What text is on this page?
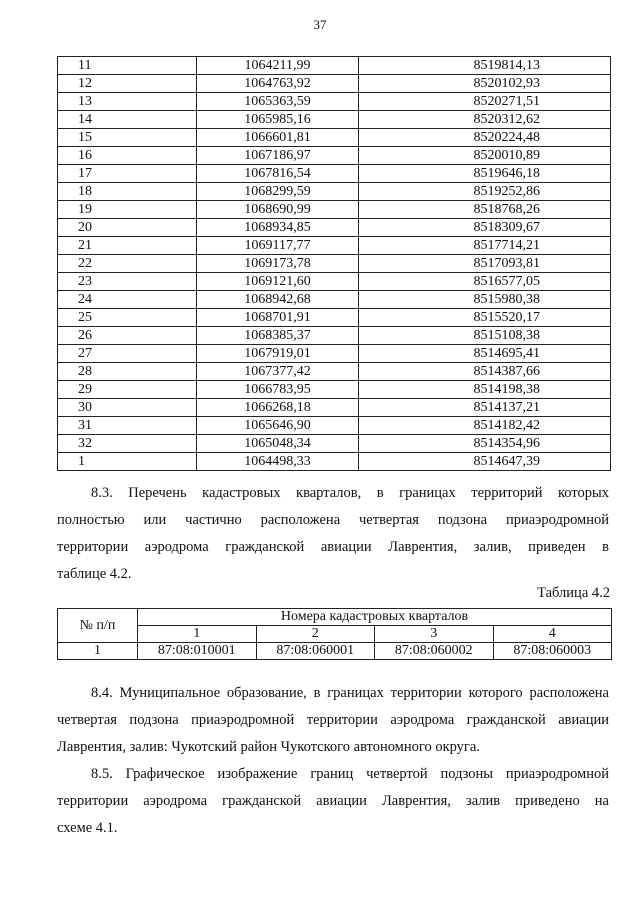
37
11	1064211,99	8519814,13
12	1064763,92	8520102,93
13	1065363,59	8520271,51
14	1065985,16	8520312,62
15	1066601,81	8520224,48
16	1067186,97	8520010,89
17	1067816,54	8519646,18
18	1068299,59	8519252,86
19	1068690,99	8518768,26
20	1068934,85	8518309,67
21	1069117,77	8517714,21
22	1069173,78	8517093,81
23	1069121,60	8516577,05
24	1068942,68	8515980,38
25	1068701,91	8515520,17
26	1068385,37	8515108,38
27	1067919,01	8514695,41
28	1067377,42	8514387,66
29	1066783,95	8514198,38
30	1066268,18	8514137,21
31	1065646,90	8514182,42
32	1065048,34	8514354,96
1	1064498,33	8514647,39
8.3. Перечень кадастровых кварталов, в границах территорий которых
полностью или частично расположена четвертая подзона приаэродромной
территории аэродрома гражданской авиации Лаврентия, залив, приведен в
таблице 4.2.
Таблица 4.2
№ п/п	Номера кадастровых кварталов			
	1	2	3	4
1	87:08:010001	87:08:060001	87:08:060002	87:08:060003
8.4. Муниципальное образование, в границах территории которого расположена
четвертая подзона приаэродромной территории аэродрома гражданской авиации
Лаврентия, залив: Чукотский район Чукотского автономного округа.
8.5. Графическое изображение границ четвертой подзоны приаэродромной
территории аэродрома гражданской авиации Лаврентия, залив приведено на
схеме 4.1.
